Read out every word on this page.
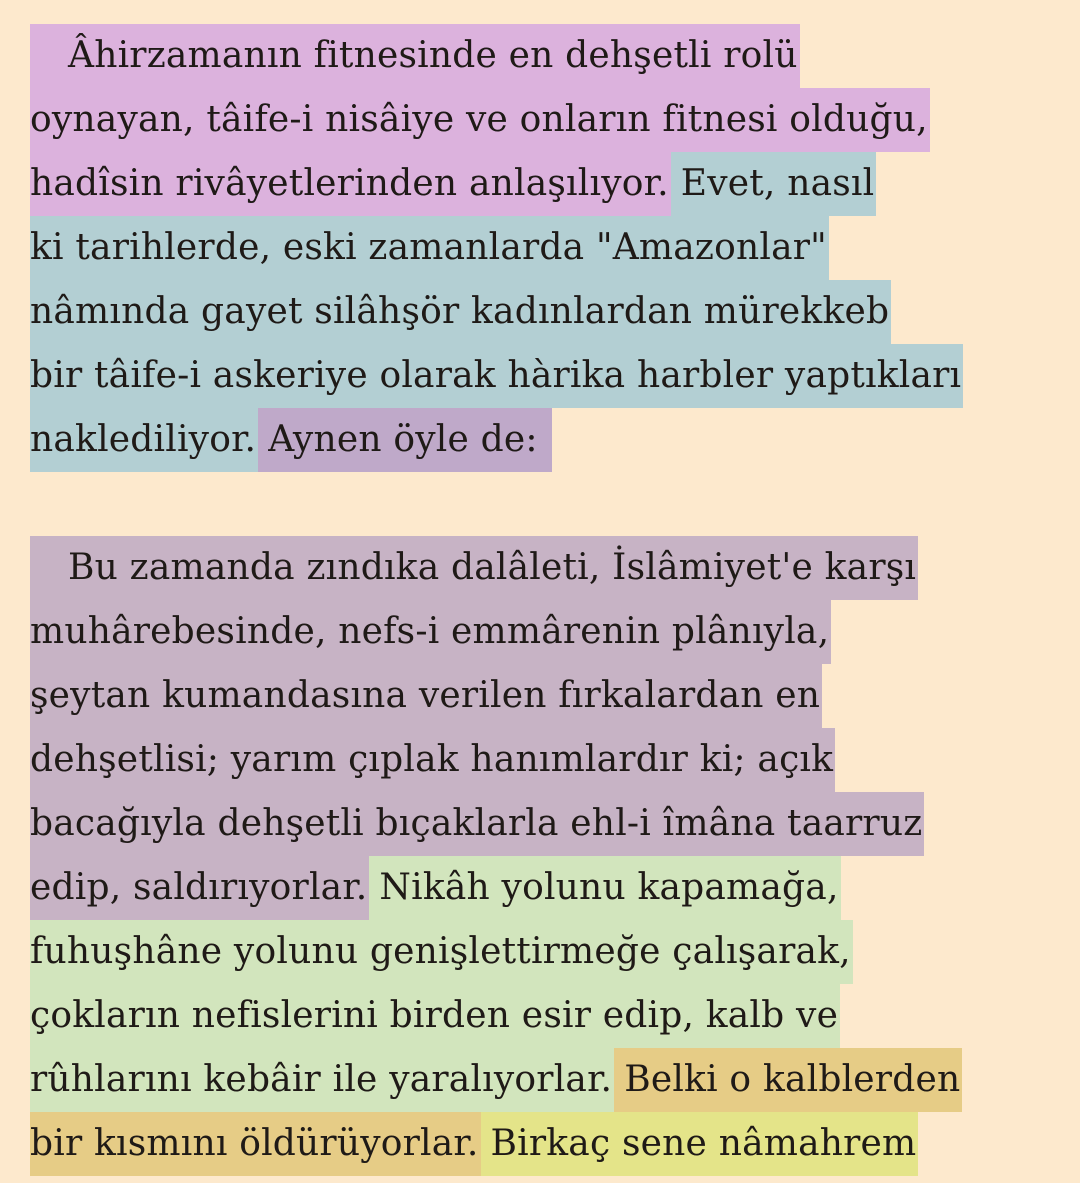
Âhirzamanın fitnesinde en dehşetli rolü
oynayan, tâife-i nisâiye ve onların fitnesi olduğu,
hadîsin rivâyetlerinden anlaşılıyor. Evet, nasıl
ki tarihlerde, eski zamanlarda "Amazonlar"
nâmında gayet silâhşör kadınlardan mürekkeb
bir tâife-i askeriye olarak hàrika harbler yaptıkları
naklediliyor. Aynen öyle de:
Bu zamanda zındıka dalâleti, İslâmiyet'e karşı
muhârebesinde, nefs-i emmârenin plânıyla,
şeytan kumandasına verilen fırkalardan en
dehşetlisi; yarım çıplak hanımlardır ki; açık
bacağıyla dehşetli bıçaklarla ehl-i îmâna taarruz
edip, saldırıyorlar. Nikâh yolunu kapamağa,
fuhuşhâne yolunu genişlettirmeğe çalışarak,
çokların nefislerini birden esir edip, kalb ve
rûhlarını kebâir ile yaralıyorlar. Belki o kalblerden
bir kısmını öldürüyorlar. Birkaç sene nâmahrem
